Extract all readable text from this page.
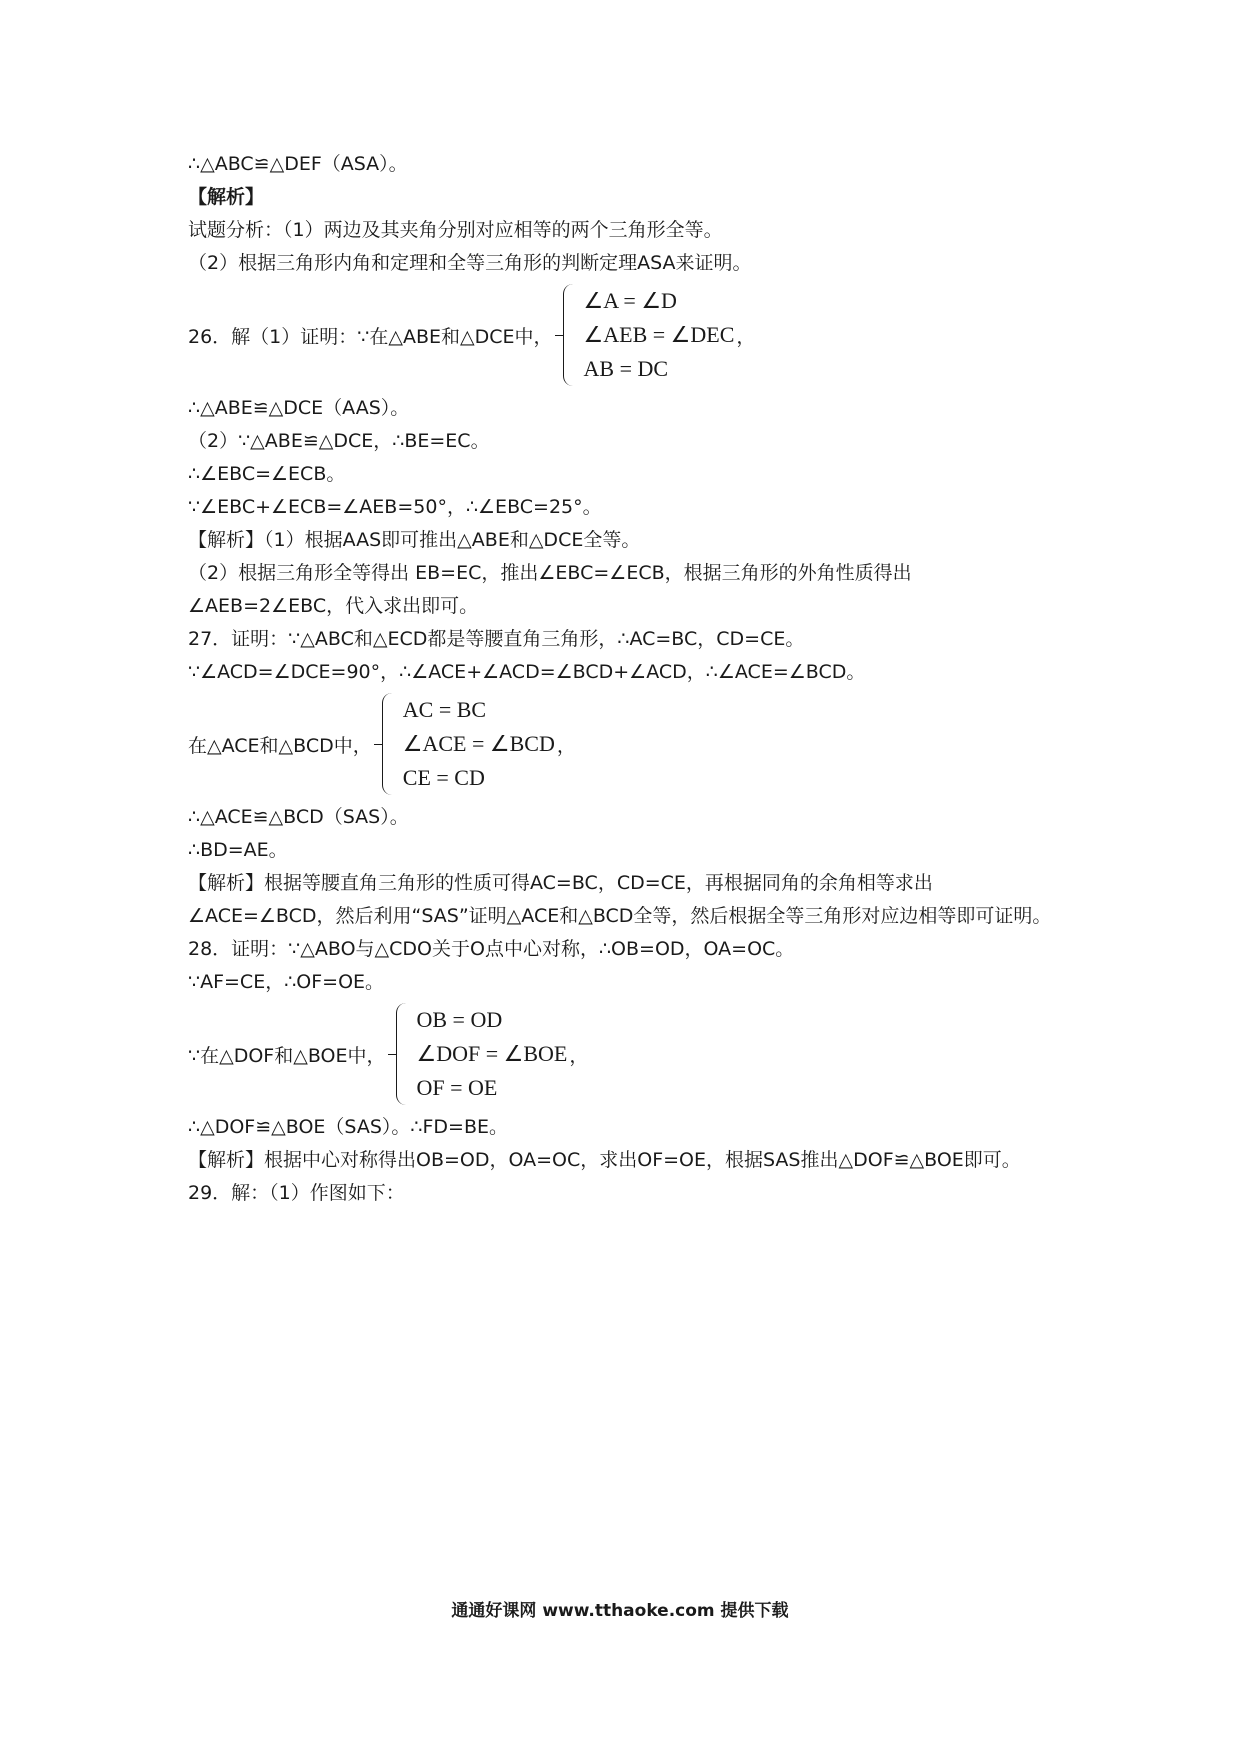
∴△ABC≌△DEF（ASA）。
【解析】
试题分析：（1）两边及其夹角分别对应相等的两个三角形全等。
（2）根据三角形内角和定理和全等三角形的判断定理ASA来证明。
26．解（1）证明：∵在△ABE和△DCE中，
∠A = ∠D
∠AEB = ∠DEC
AB = DC
，
∴△ABE≌△DCE（AAS）。
（2）∵△ABE≌△DCE，∴BE=EC。
∴∠EBC=∠ECB。
∵∠EBC+∠ECB=∠AEB=50°，∴∠EBC=25°。
【解析】（1）根据AAS即可推出△ABE和△DCE全等。
（2）根据三角形全等得出 EB=EC，推出∠EBC=∠ECB，根据三角形的外角性质得出∠AEB=2∠EBC，代入求出即可。
27．证明：∵△ABC和△ECD都是等腰直角三角形，∴AC=BC，CD=CE。
∵∠ACD=∠DCE=90°，∴∠ACE+∠ACD=∠BCD+∠ACD，∴∠ACE=∠BCD。
在△ACE和△BCD中，
AC = BC
∠ACE = ∠BCD
CE = CD
，
∴△ACE≌△BCD（SAS）。
∴BD=AE。
【解析】根据等腰直角三角形的性质可得AC=BC，CD=CE，再根据同角的余角相等求出∠ACE=∠BCD，然后利用“SAS”证明△ACE和△BCD全等，然后根据全等三角形对应边相等即可证明。
28．证明：∵△ABO与△CDO关于O点中心对称，∴OB=OD，OA=OC。
∵AF=CE，∴OF=OE。
∵在△DOF和△BOE中，
OB = OD
∠DOF = ∠BOE
OF = OE
，
∴△DOF≌△BOE（SAS）。∴FD=BE。
【解析】根据中心对称得出OB=OD，OA=OC，求出OF=OE，根据SAS推出△DOF≌△BOE即可。
29．解：（1）作图如下：
通通好课网 www.tthaoke.com 提供下载
